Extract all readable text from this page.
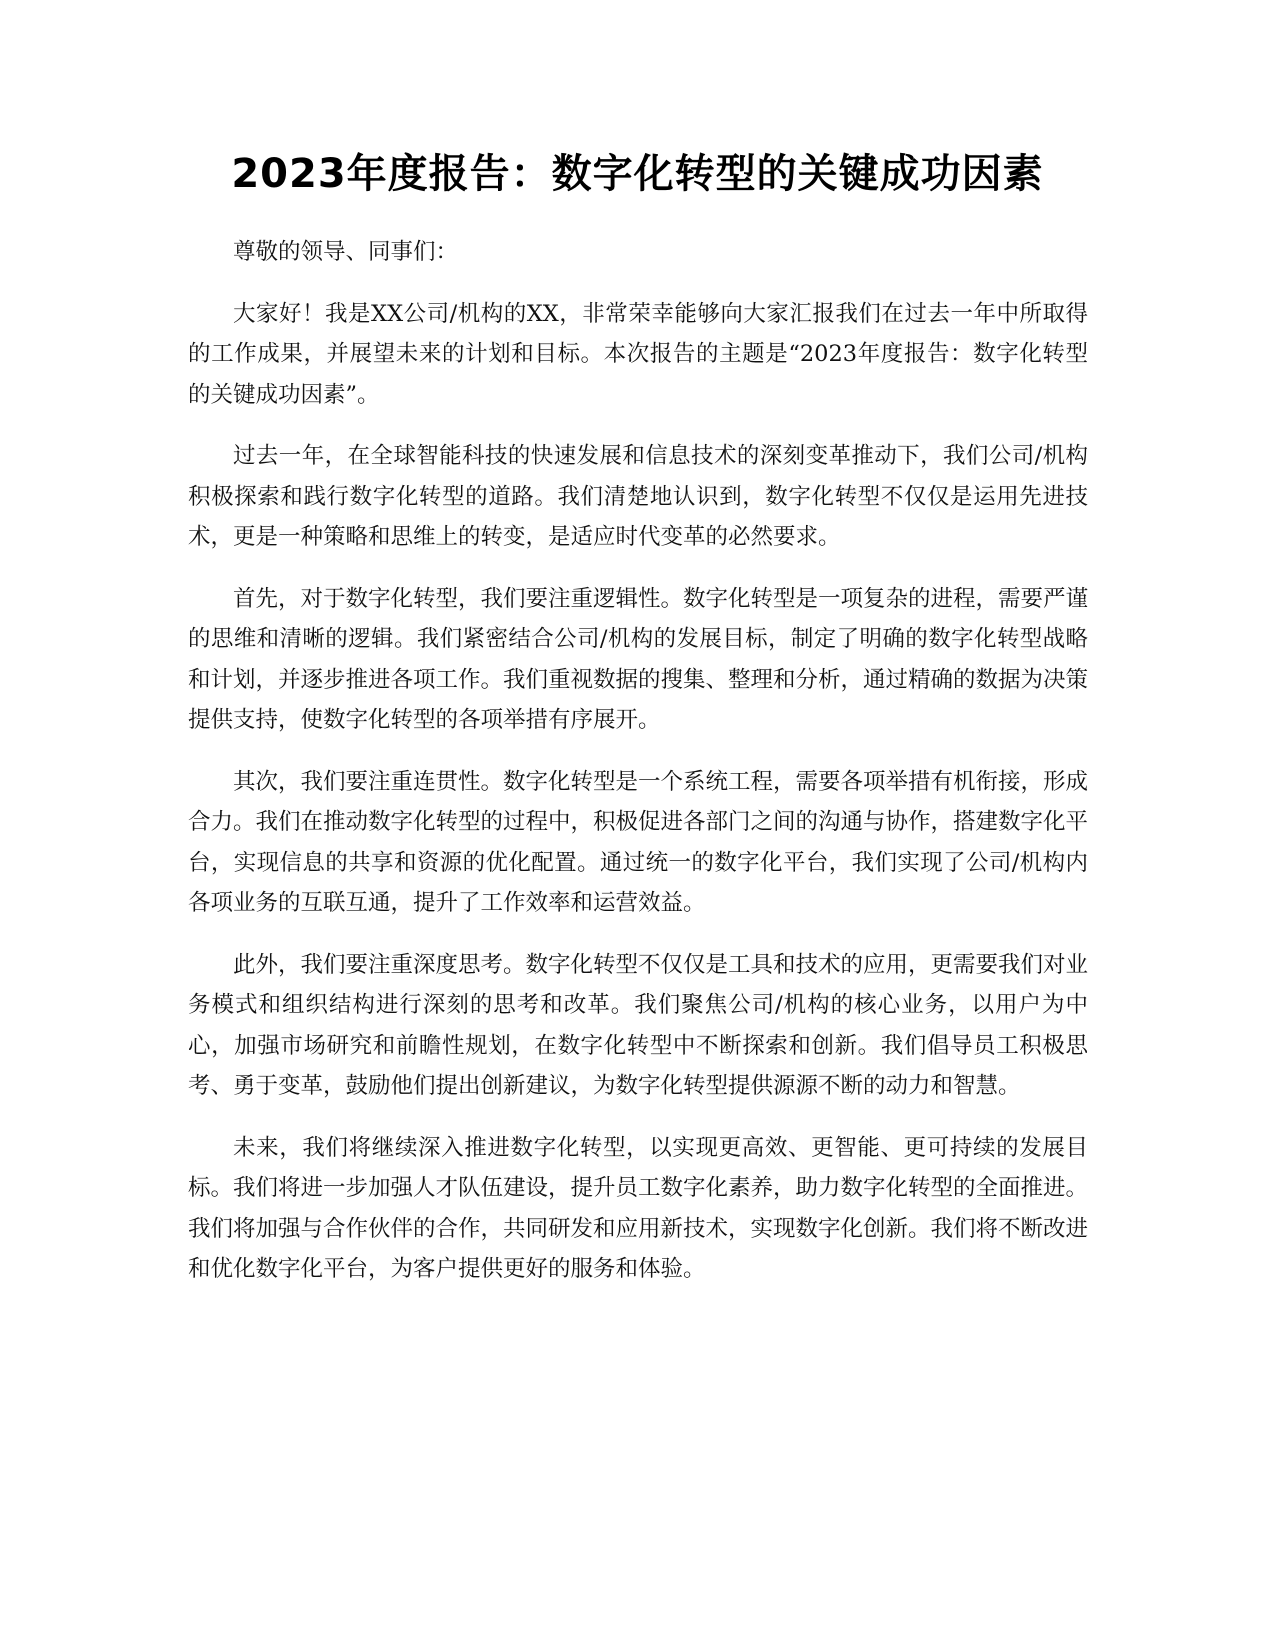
2023年度报告：数字化转型的关键成功因素

尊敬的领导、同事们：

大家好！我是XX公司/机构的XX，非常荣幸能够向大家汇报我们在过去一年中所取得的工作成果，并展望未来的计划和目标。本次报告的主题是“2023年度报告：数字化转型的关键成功因素”。

过去一年，在全球智能科技的快速发展和信息技术的深刻变革推动下，我们公司/机构积极探索和践行数字化转型的道路。我们清楚地认识到，数字化转型不仅仅是运用先进技术，更是一种策略和思维上的转变，是适应时代变革的必然要求。

首先，对于数字化转型，我们要注重逻辑性。数字化转型是一项复杂的进程，需要严谨的思维和清晰的逻辑。我们紧密结合公司/机构的发展目标，制定了明确的数字化转型战略和计划，并逐步推进各项工作。我们重视数据的搜集、整理和分析，通过精确的数据为决策提供支持，使数字化转型的各项举措有序展开。

其次，我们要注重连贯性。数字化转型是一个系统工程，需要各项举措有机衔接，形成合力。我们在推动数字化转型的过程中，积极促进各部门之间的沟通与协作，搭建数字化平台，实现信息的共享和资源的优化配置。通过统一的数字化平台，我们实现了公司/机构内各项业务的互联互通，提升了工作效率和运营效益。

此外，我们要注重深度思考。数字化转型不仅仅是工具和技术的应用，更需要我们对业务模式和组织结构进行深刻的思考和改革。我们聚焦公司/机构的核心业务，以用户为中心，加强市场研究和前瞻性规划，在数字化转型中不断探索和创新。我们倡导员工积极思考、勇于变革，鼓励他们提出创新建议，为数字化转型提供源源不断的动力和智慧。

未来，我们将继续深入推进数字化转型，以实现更高效、更智能、更可持续的发展目标。我们将进一步加强人才队伍建设，提升员工数字化素养，助力数字化转型的全面推进。我们将加强与合作伙伴的合作，共同研发和应用新技术，实现数字化创新。我们将不断改进和优化数字化平台，为客户提供更好的服务和体验。
